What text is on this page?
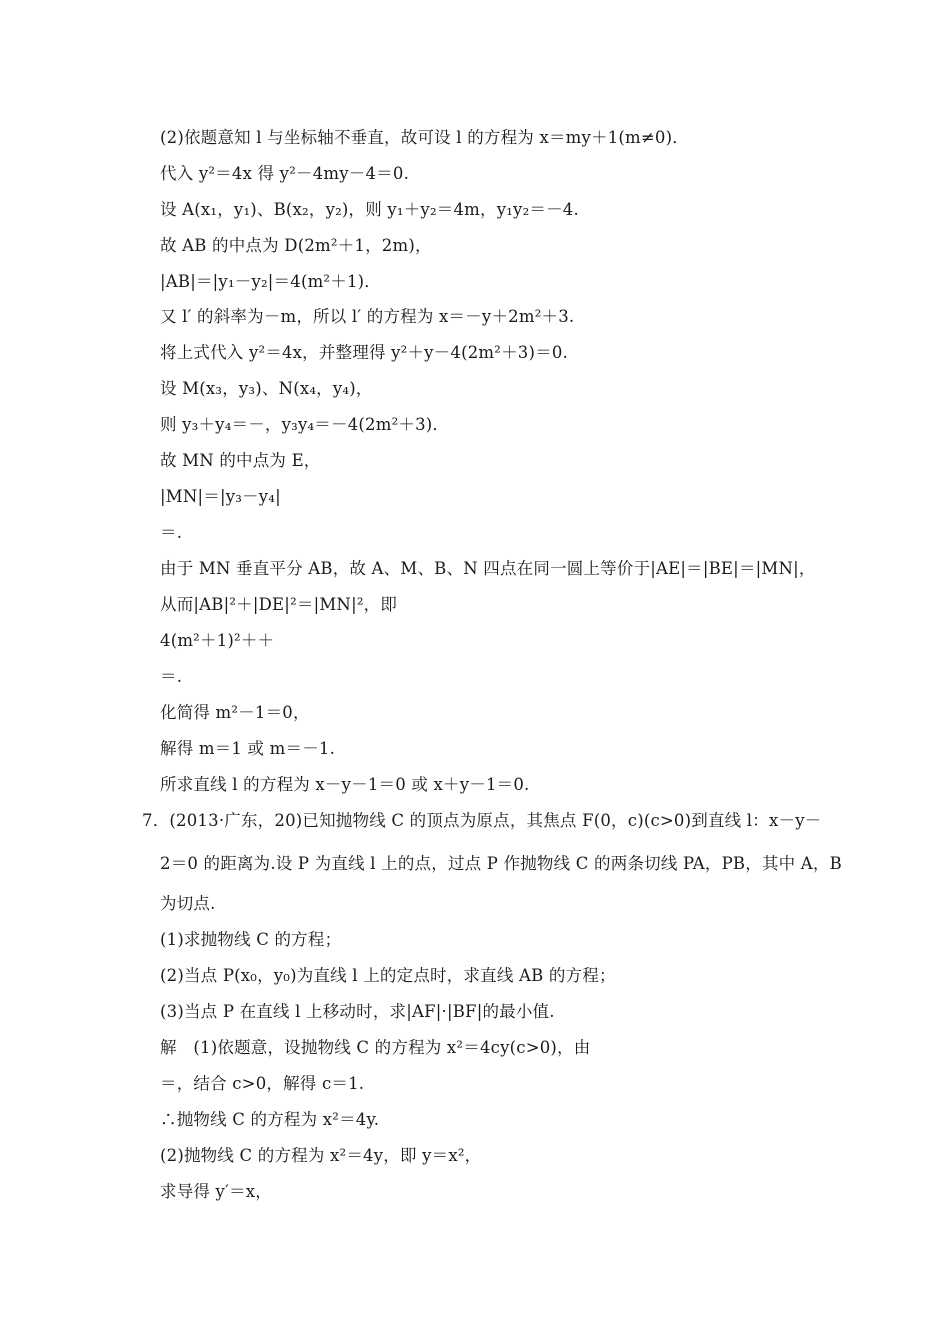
(2)依题意知 l 与坐标轴不垂直，故可设 l 的方程为 x＝my＋1(m≠0)．
代入 y²＝4x 得 y²－4my－4＝0.
设 A(x₁，y₁)、B(x₂，y₂)，则 y₁＋y₂＝4m，y₁y₂＝－4.
故 AB 的中点为 D(2m²＋1，2m)，
|AB|＝|y₁－y₂|＝4(m²＋1)．
又 l′ 的斜率为－m，所以 l′ 的方程为 x＝－y＋2m²＋3.
将上式代入 y²＝4x，并整理得 y²＋y－4(2m²＋3)＝0.
设 M(x₃，y₃)、N(x₄，y₄)，
则 y₃＋y₄＝－，y₃y₄＝－4(2m²＋3)．
故 MN 的中点为 E，
|MN|＝|y₃－y₄|
＝.
由于 MN 垂直平分 AB，故 A、M、B、N 四点在同一圆上等价于|AE|＝|BE|＝|MN|，
从而|AB|²＋|DE|²＝|MN|²，即
4(m²＋1)²＋＋
＝.
化简得 m²－1＝0，
解得 m＝1 或 m＝－1.
所求直线 l 的方程为 x－y－1＝0 或 x＋y－1＝0.
7．(2013·广东，20)已知抛物线 C 的顶点为原点，其焦点 F(0，c)(c>0)到直线 l：x－y－
2＝0 的距离为.设 P 为直线 l 上的点，过点 P 作抛物线 C 的两条切线 PA，PB，其中 A，B
为切点.
(1)求抛物线 C 的方程；
(2)当点 P(x₀，y₀)为直线 l 上的定点时，求直线 AB 的方程；
(3)当点 P 在直线 l 上移动时，求|AF|·|BF|的最小值.
解　(1)依题意，设抛物线 C 的方程为 x²＝4cy(c>0)，由
＝，结合 c>0，解得 c＝1.
∴抛物线 C 的方程为 x²＝4y.
(2)抛物线 C 的方程为 x²＝4y，即 y＝x²，
求导得 y′＝x，
